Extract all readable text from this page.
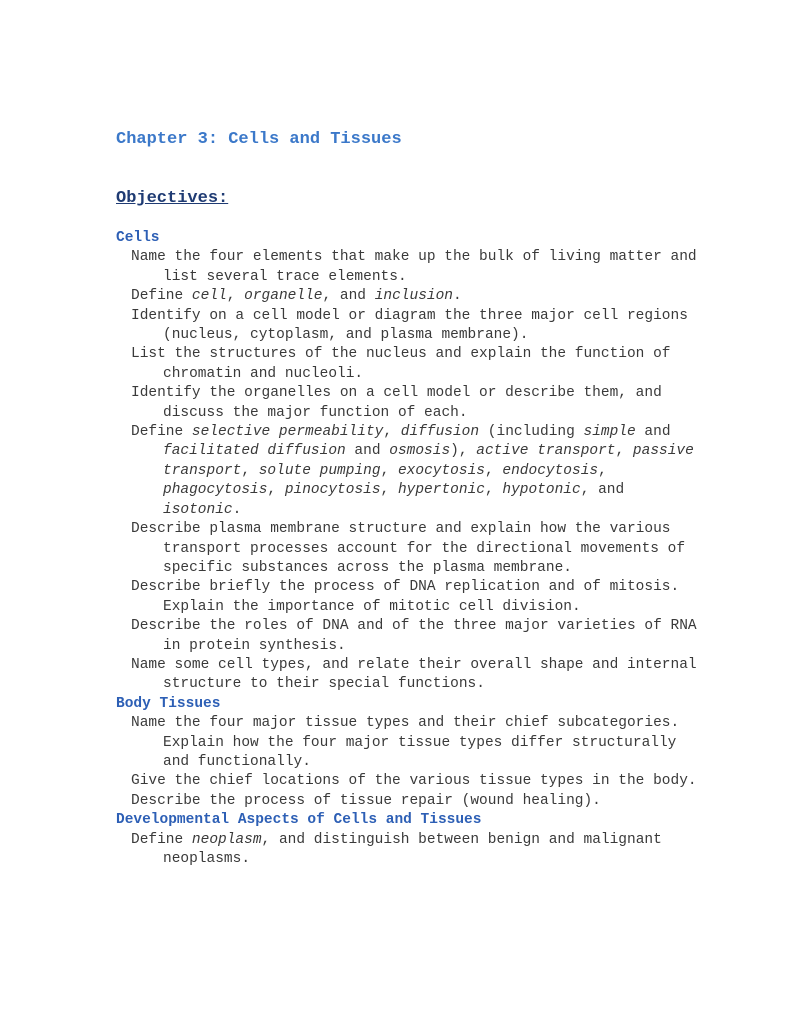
Chapter 3: Cells and Tissues
Objectives:
Cells
Name the four elements that make up the bulk of living matter and list several trace elements.
Define cell, organelle, and inclusion.
Identify on a cell model or diagram the three major cell regions (nucleus, cytoplasm, and plasma membrane).
List the structures of the nucleus and explain the function of chromatin and nucleoli.
Identify the organelles on a cell model or describe them, and discuss the major function of each.
Define selective permeability, diffusion (including simple and facilitated diffusion and osmosis), active transport, passive transport, solute pumping, exocytosis, endocytosis, phagocytosis, pinocytosis, hypertonic, hypotonic, and isotonic.
Describe plasma membrane structure and explain how the various transport processes account for the directional movements of specific substances across the plasma membrane.
Describe briefly the process of DNA replication and of mitosis. Explain the importance of mitotic cell division.
Describe the roles of DNA and of the three major varieties of RNA in protein synthesis.
Name some cell types, and relate their overall shape and internal structure to their special functions.
Body Tissues
Name the four major tissue types and their chief subcategories. Explain how the four major tissue types differ structurally and functionally.
Give the chief locations of the various tissue types in the body.
Describe the process of tissue repair (wound healing).
Developmental Aspects of Cells and Tissues
Define neoplasm, and distinguish between benign and malignant neoplasms.
